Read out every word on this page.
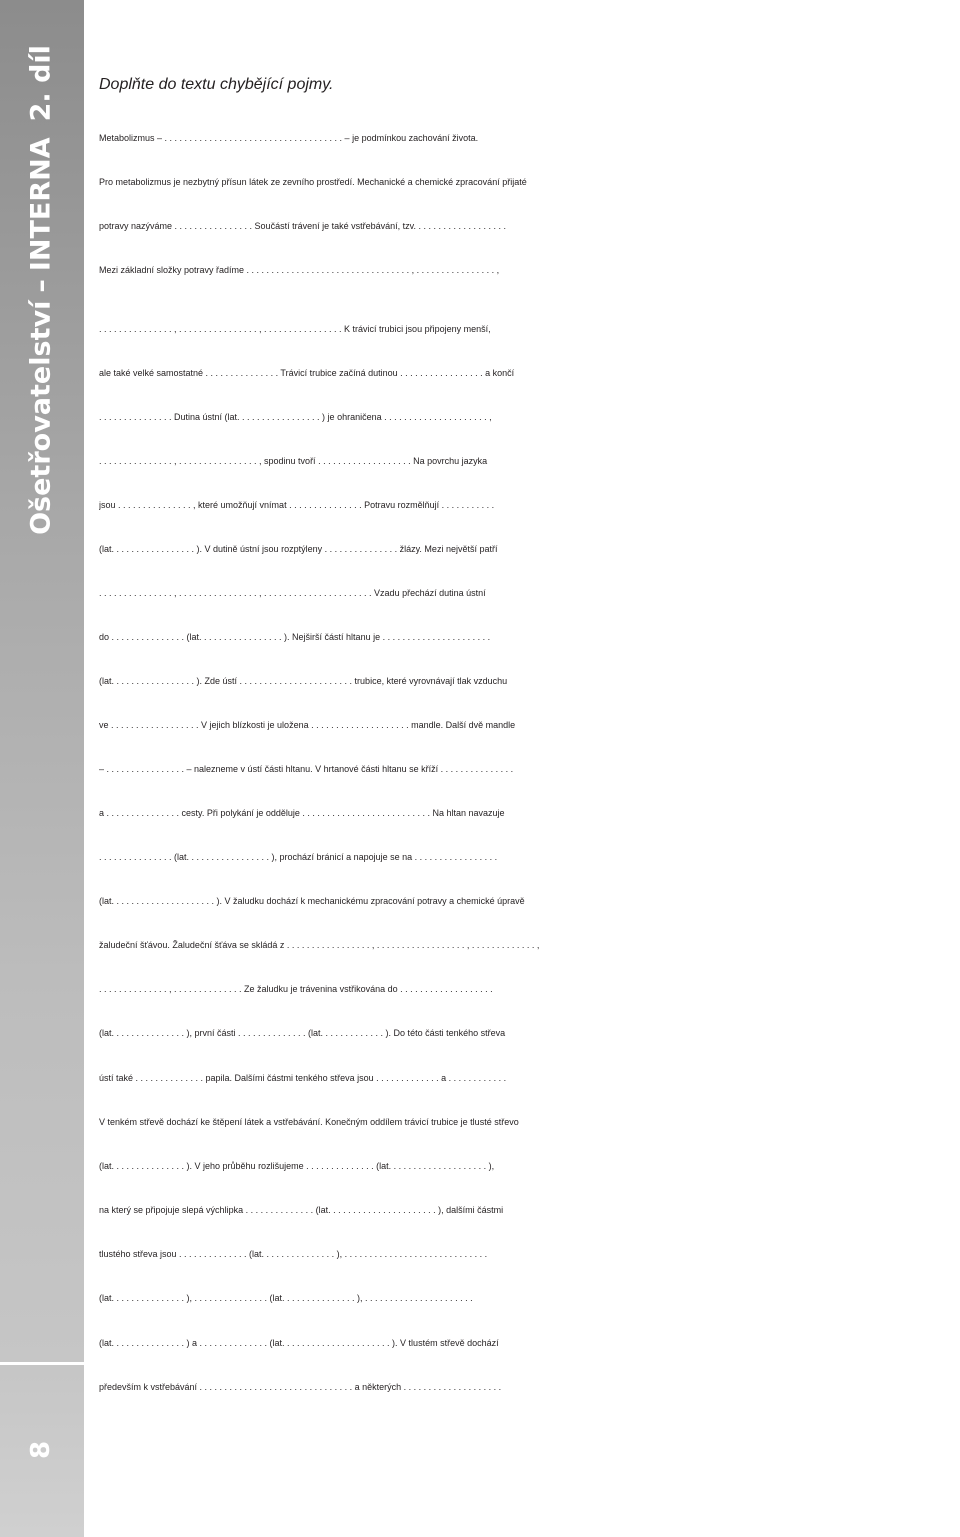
Ošetřovatelství–INTERNA2. díl
8
Doplňte do textu chybějící pojmy.
Metabolizmus – . . . . . . . . . . . . . . . . . . . . . . . . . . . . . . . . . . . . – je podmínkou zachování života.
Pro metabolizmus je nezbytný přísun látek ze zevního prostředí. Mechanické a chemické zpracování přijaté
potravy nazýváme . . . . . . . . . . . . . . . . Součástí trávení je také vstřebávání, tzv. . . . . . . . . . . . . . . . . . .
Mezi základní složky potravy řadíme . . . . . . . . . . . . . . . . . . . . . . . . . . . . . . . . . , . . . . . . . . . . . . . . . . ,
. . . . . . . . . . . . . . . , . . . . . . . . . . . . . . . . , . . . . . . . . . . . . . . . . K trávicí trubici jsou připojeny menší,
ale také velké samostatné . . . . . . . . . . . . . . . Trávicí trubice začíná dutinou . . . . . . . . . . . . . . . . . a končí
. . . . . . . . . . . . . . . Dutina ústní (lat. . . . . . . . . . . . . . . . . ) je ohraničena . . . . . . . . . . . . . . . . . . . . . ,
. . . . . . . . . . . . . . . , . . . . . . . . . . . . . . . . , spodinu tvoří . . . . . . . . . . . . . . . . . . . Na povrchu jazyka
jsou . . . . . . . . . . . . . . . , které umožňují vnímat . . . . . . . . . . . . . . . Potravu rozmělňují . . . . . . . . . . .
(lat. . . . . . . . . . . . . . . . . ). V dutině ústní jsou rozptýleny . . . . . . . . . . . . . . . žlázy. Mezi největší patří
. . . . . . . . . . . . . . . , . . . . . . . . . . . . . . . . , . . . . . . . . . . . . . . . . . . . . . . Vzadu přechází dutina ústní
do . . . . . . . . . . . . . . . (lat. . . . . . . . . . . . . . . . . ). Nejširší částí hltanu je . . . . . . . . . . . . . . . . . . . . . .
(lat. . . . . . . . . . . . . . . . . ). Zde ústí . . . . . . . . . . . . . . . . . . . . . . . trubice, které vyrovnávají tlak vzduchu
ve . . . . . . . . . . . . . . . . . . V jejich blízkosti je uložena . . . . . . . . . . . . . . . . . . . . mandle. Další dvě mandle
– . . . . . . . . . . . . . . . . – nalezneme v ústí části hltanu. V hrtanové části hltanu se kříží . . . . . . . . . . . . . . .
a . . . . . . . . . . . . . . . cesty. Při polykání je odděluje . . . . . . . . . . . . . . . . . . . . . . . . . . Na hltan navazuje
. . . . . . . . . . . . . . . (lat. . . . . . . . . . . . . . . . . ), prochází bránicí a napojuje se na . . . . . . . . . . . . . . . . .
(lat. . . . . . . . . . . . . . . . . . . . . ). V žaludku dochází k mechanickému zpracování potravy a chemické úpravě
žaludeční šťávou. Žaludeční šťáva se skládá z . . . . . . . . . . . . . . . . . , . . . . . . . . . . . . . . . . . . , . . . . . . . . . . . . . ,
. . . . . . . . . . . . . . , . . . . . . . . . . . . . . Ze žaludku je trávenina vstřikována do . . . . . . . . . . . . . . . . . . .
(lat. . . . . . . . . . . . . . . ), první části . . . . . . . . . . . . . . (lat. . . . . . . . . . . . . ). Do této části tenkého střeva
ústí také . . . . . . . . . . . . . . papila. Dalšími částmi tenkého střeva jsou . . . . . . . . . . . . . a . . . . . . . . . . . .
V tenkém střevě dochází ke štěpení látek a vstřebávání. Konečným oddílem trávicí trubice je tlusté střevo
(lat. . . . . . . . . . . . . . . ). V jeho průběhu rozlišujeme . . . . . . . . . . . . . . (lat. . . . . . . . . . . . . . . . . . . . ),
na který se připojuje slepá výchlipka . . . . . . . . . . . . . . (lat. . . . . . . . . . . . . . . . . . . . . . ), dalšími částmi
tlustého střeva jsou . . . . . . . . . . . . . . (lat. . . . . . . . . . . . . . . ), . . . . . . . . . . . . . . . . . . . . . . . . . . . . .
(lat. . . . . . . . . . . . . . . ), . . . . . . . . . . . . . . . (lat. . . . . . . . . . . . . . . ), . . . . . . . . . . . . . . . . . . . . . .
(lat. . . . . . . . . . . . . . . ) a . . . . . . . . . . . . . . (lat. . . . . . . . . . . . . . . . . . . . . . ). V tlustém střevě dochází
především k vstřebávání . . . . . . . . . . . . . . . . . . . . . . . . . . . . . . . a některých . . . . . . . . . . . . . . . . . . . .
